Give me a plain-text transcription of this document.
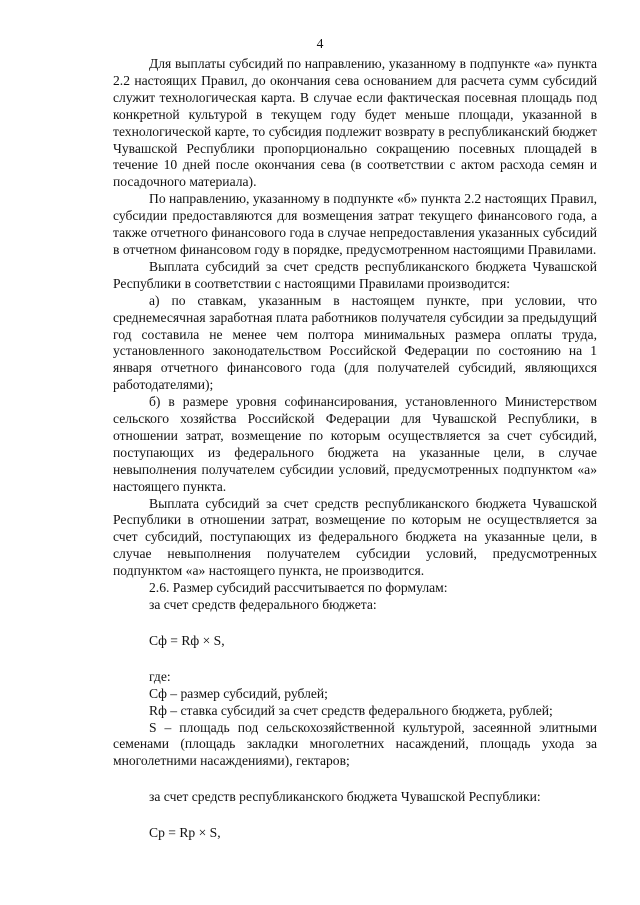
4

Для выплаты субсидий по направлению, указанному в подпункте «а» пункта 2.2 настоящих Правил, до окончания сева основанием для расчета сумм субсидий служит технологическая карта. В случае если фактическая посевная площадь под конкретной культурой в текущем году будет меньше площади, указанной в технологической карте, то субсидия подлежит возврату в республиканский бюджет Чувашской Республики пропорционально сокращению посевных площадей в течение 10 дней после окончания сева (в соответствии с актом расхода семян и посадочного материала).

По направлению, указанному в подпункте «б» пункта 2.2 настоящих Правил, субсидии предоставляются для возмещения затрат текущего финансового года, а также отчетного финансового года в случае непредоставления указанных субсидий в отчетном финансовом году в порядке, предусмотренном настоящими Правилами.

Выплата субсидий за счет средств республиканского бюджета Чувашской Республики в соответствии с настоящими Правилами производится:

а) по ставкам, указанным в настоящем пункте, при условии, что среднемесячная заработная плата работников получателя субсидии за предыдущий год составила не менее чем полтора минимальных размера оплаты труда, установленного законодательством Российской Федерации по состоянию на 1 января отчетного финансового года (для получателей субсидий, являющихся работодателями);

б) в размере уровня софинансирования, установленного Министерством сельского хозяйства Российской Федерации для Чувашской Республики, в отношении затрат, возмещение по которым осуществляется за счет субсидий, поступающих из федерального бюджета на указанные цели, в случае невыполнения получателем субсидии условий, предусмотренных подпунктом «а» настоящего пункта.

Выплата субсидий за счет средств республиканского бюджета Чувашской Республики в отношении затрат, возмещение по которым не осуществляется за счет субсидий, поступающих из федерального бюджета на указанные цели, в случае невыполнения получателем субсидии условий, предусмотренных подпунктом «а» настоящего пункта, не производится.

2.6. Размер субсидий рассчитывается по формулам:

за счет средств федерального бюджета:

Сф = Rф × S,

где:

Сф – размер субсидий, рублей;

Rф – ставка субсидий за счет средств федерального бюджета, рублей;

S – площадь под сельскохозяйственной культурой, засеянной элитными семенами (площадь закладки многолетних насаждений, площадь ухода за многолетними насаждениями), гектаров;

за счет средств республиканского бюджета Чувашской Республики:

Ср = Rр × S,
